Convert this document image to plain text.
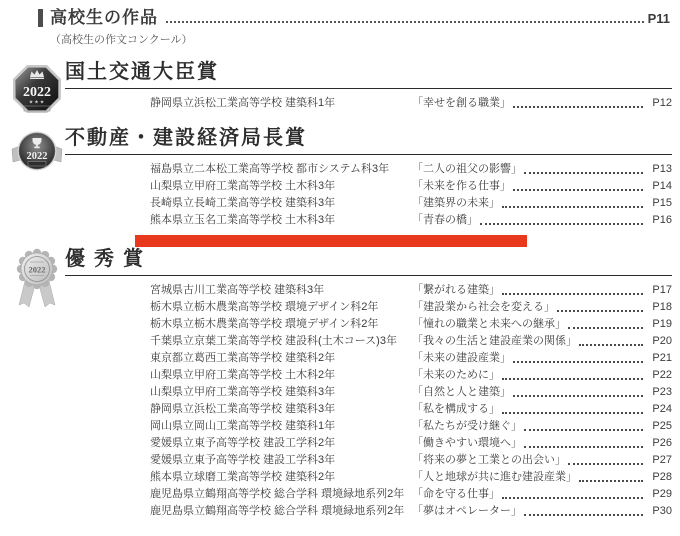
高校生の作品	P11
（高校生の作文コンクール）
2022
★★★
国土交通大臣賞
静岡県立浜松工業高等学校 建築科1年	「幸せを創る職業」	P12
2022
不動産・建設経済局長賞
福島県立二本松工業高等学校 都市システム科3年	「二人の祖父の影響」	P13
山梨県立甲府工業高等学校 土木科3年	「未来を作る仕事」	P14
長崎県立長崎工業高等学校 建築科3年	「建築界の未来」	P15
熊本県立玉名工業高等学校 土木科3年	「青春の橋」	P16
2022 優 秀 賞
宮城県古川工業高等学校 建築科3年	「繋がれる建築」	P17
栃木県立栃木農業高等学校 環境デザイン科2年	「建設業から社会を変える」	P18
栃木県立栃木農業高等学校 環境デザイン科2年	「憧れの職業と未来への継承」	P19
千葉県立京葉工業高等学校 建設科(土木コース)3年	「我々の生活と建設産業の関係」	P20
東京都立葛西工業高等学校 建築科2年	「未来の建設産業」	P21
山梨県立甲府工業高等学校 土木科2年	「未来のために」	P22
山梨県立甲府工業高等学校 建築科3年	「自然と人と建築」	P23
静岡県立浜松工業高等学校 建築科3年	「私を構成する」	P24
岡山県立岡山工業高等学校 建築科1年	「私たちが受け継ぐ」	P25
愛媛県立東予高等学校 建設工学科2年	「働きやすい環境へ」	P26
愛媛県立東予高等学校 建設工学科3年	「将来の夢と工業との出会い」	P27
熊本県立球磨工業高等学校 建築科2年	「人と地球が共に進む建設産業」	P28
鹿児島県立鶴翔高等学校 総合学科 環境緑地系列2年 「命を守る仕事」	P29
鹿児島県立鶴翔高等学校 総合学科 環境緑地系列2年 「夢はオペレーター」	P30
